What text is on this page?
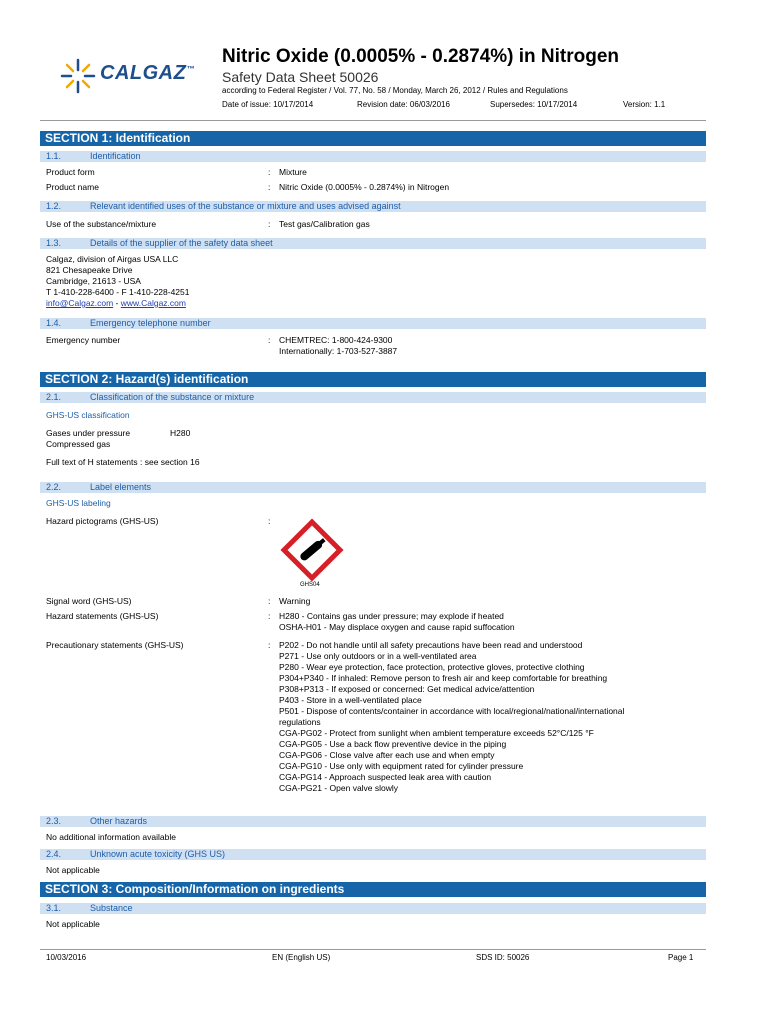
CALGAZ™
Nitric Oxide (0.0005% - 0.2874%) in Nitrogen
Safety Data Sheet 50026
according to Federal Register / Vol. 77, No. 58 / Monday, March 26, 2012 / Rules and Regulations
Date of issue: 10/17/2014	Revision date: 06/03/2016	Supersedes: 10/17/2014	Version: 1.1
SECTION 1: Identification
1.1.	Identification
Product form	: Mixture
Product name	: Nitric Oxide (0.0005% - 0.2874%) in Nitrogen
1.2.	Relevant identified uses of the substance or mixture and uses advised against
Use of the substance/mixture	: Test gas/Calibration gas
1.3.	Details of the supplier of the safety data sheet
Calgaz, division of Airgas USA LLC
821 Chesapeake Drive
Cambridge, 21613 - USA
T 1-410-228-6400 - F 1-410-228-4251
info@Calgaz.com - www.Calgaz.com
1.4.	Emergency telephone number
Emergency number	: CHEMTREC: 1-800-424-9300
Internationally: 1-703-527-3887
SECTION 2: Hazard(s) identification
2.1.	Classification of the substance or mixture
GHS-US classification
Gases under pressure	H280
Compressed gas
Full text of H statements : see section 16
2.2.	Label elements
GHS-US labeling
Hazard pictograms (GHS-US)	:
GHS04
Signal word (GHS-US)	: Warning
Hazard statements (GHS-US)	: H280 - Contains gas under pressure; may explode if heated
OSHA-H01 - May displace oxygen and cause rapid suffocation
Precautionary statements (GHS-US)	: P202 - Do not handle until all safety precautions have been read and understood
P271 - Use only outdoors or in a well-ventilated area
P280 - Wear eye protection, face protection, protective gloves, protective clothing
P304+P340 - If inhaled: Remove person to fresh air and keep comfortable for breathing
P308+P313 - If exposed or concerned: Get medical advice/attention
P403 - Store in a well-ventilated place
P501 - Dispose of contents/container in accordance with local/regional/national/international
regulations
CGA-PG02 - Protect from sunlight when ambient temperature exceeds 52°C/125 °F
CGA-PG05 - Use a back flow preventive device in the piping
CGA-PG06 - Close valve after each use and when empty
CGA-PG10 - Use only with equipment rated for cylinder pressure
CGA-PG14 - Approach suspected leak area with caution
CGA-PG21 - Open valve slowly
2.3.	Other hazards
No additional information available
2.4.	Unknown acute toxicity (GHS US)
Not applicable
SECTION 3: Composition/Information on ingredients
3.1.	Substance
Not applicable
10/03/2016	EN (English US)	SDS ID: 50026	Page 1
